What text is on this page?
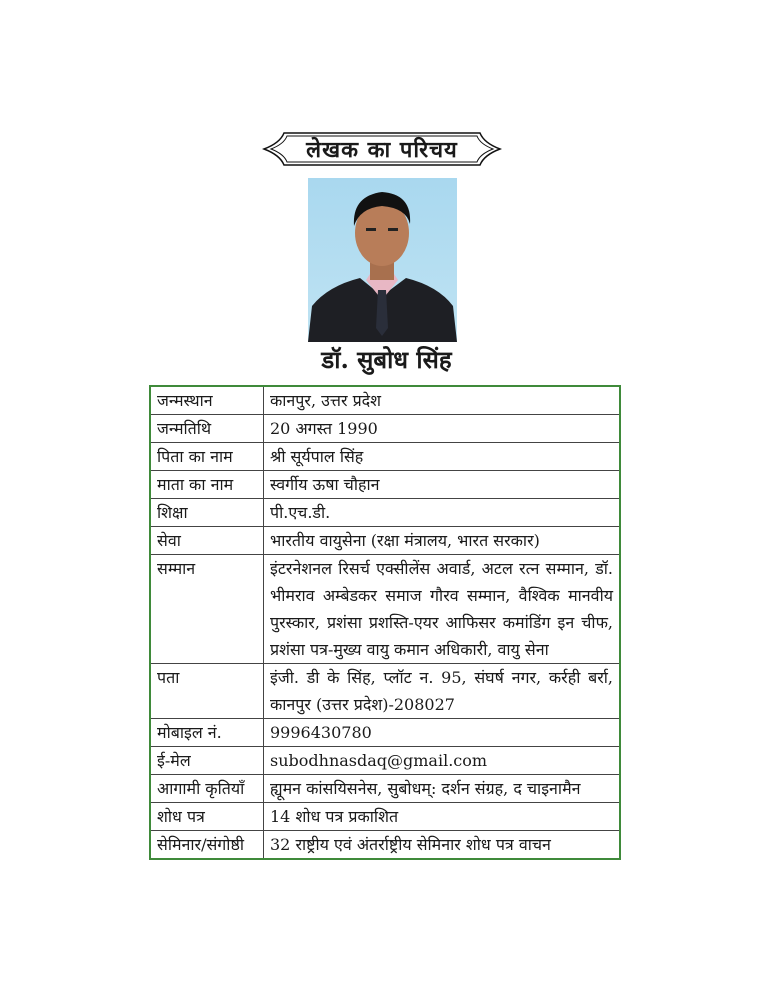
लेखक का परिचय
डॉ. सुबोध सिंह
जन्मस्थान	कानपुर, उत्तर प्रदेश
जन्मतिथि	20 अगस्त 1990
पिता का नाम	श्री सूर्यपाल सिंह
माता का नाम	स्वर्गीय ऊषा चौहान
शिक्षा	पी.एच.डी.
सेवा	भारतीय वायुसेना (रक्षा मंत्रालय, भारत सरकार)
सम्मान	इंटरनेशनल रिसर्च एक्सीलेंस अवार्ड, अटल रत्न सम्मान, डॉ. भीमराव अम्बेडकर समाज गौरव सम्मान, वैश्विक मानवीय पुरस्कार, प्रशंसा प्रशस्ति-एयर आफिसर कमांडिंग इन चीफ, प्रशंसा पत्र-मुख्य वायु कमान अधिकारी, वायु सेना
पता	इंजी. डी के सिंह, प्लॉट न. 95, संघर्ष नगर, कर्रही बर्रा, कानपुर (उत्तर प्रदेश)-208027
मोबाइल नं.	9996430780
ई-मेल	subodhnasdaq@gmail.com
आगामी कृतियाँ	ह्यूमन कांसयिसनेस, सुबोधम्: दर्शन संग्रह, द चाइनामैन
शोध पत्र	14 शोध पत्र प्रकाशित
सेमिनार/संगोष्ठी	32 राष्ट्रीय एवं अंतर्राष्ट्रीय सेमिनार शोध पत्र वाचन
